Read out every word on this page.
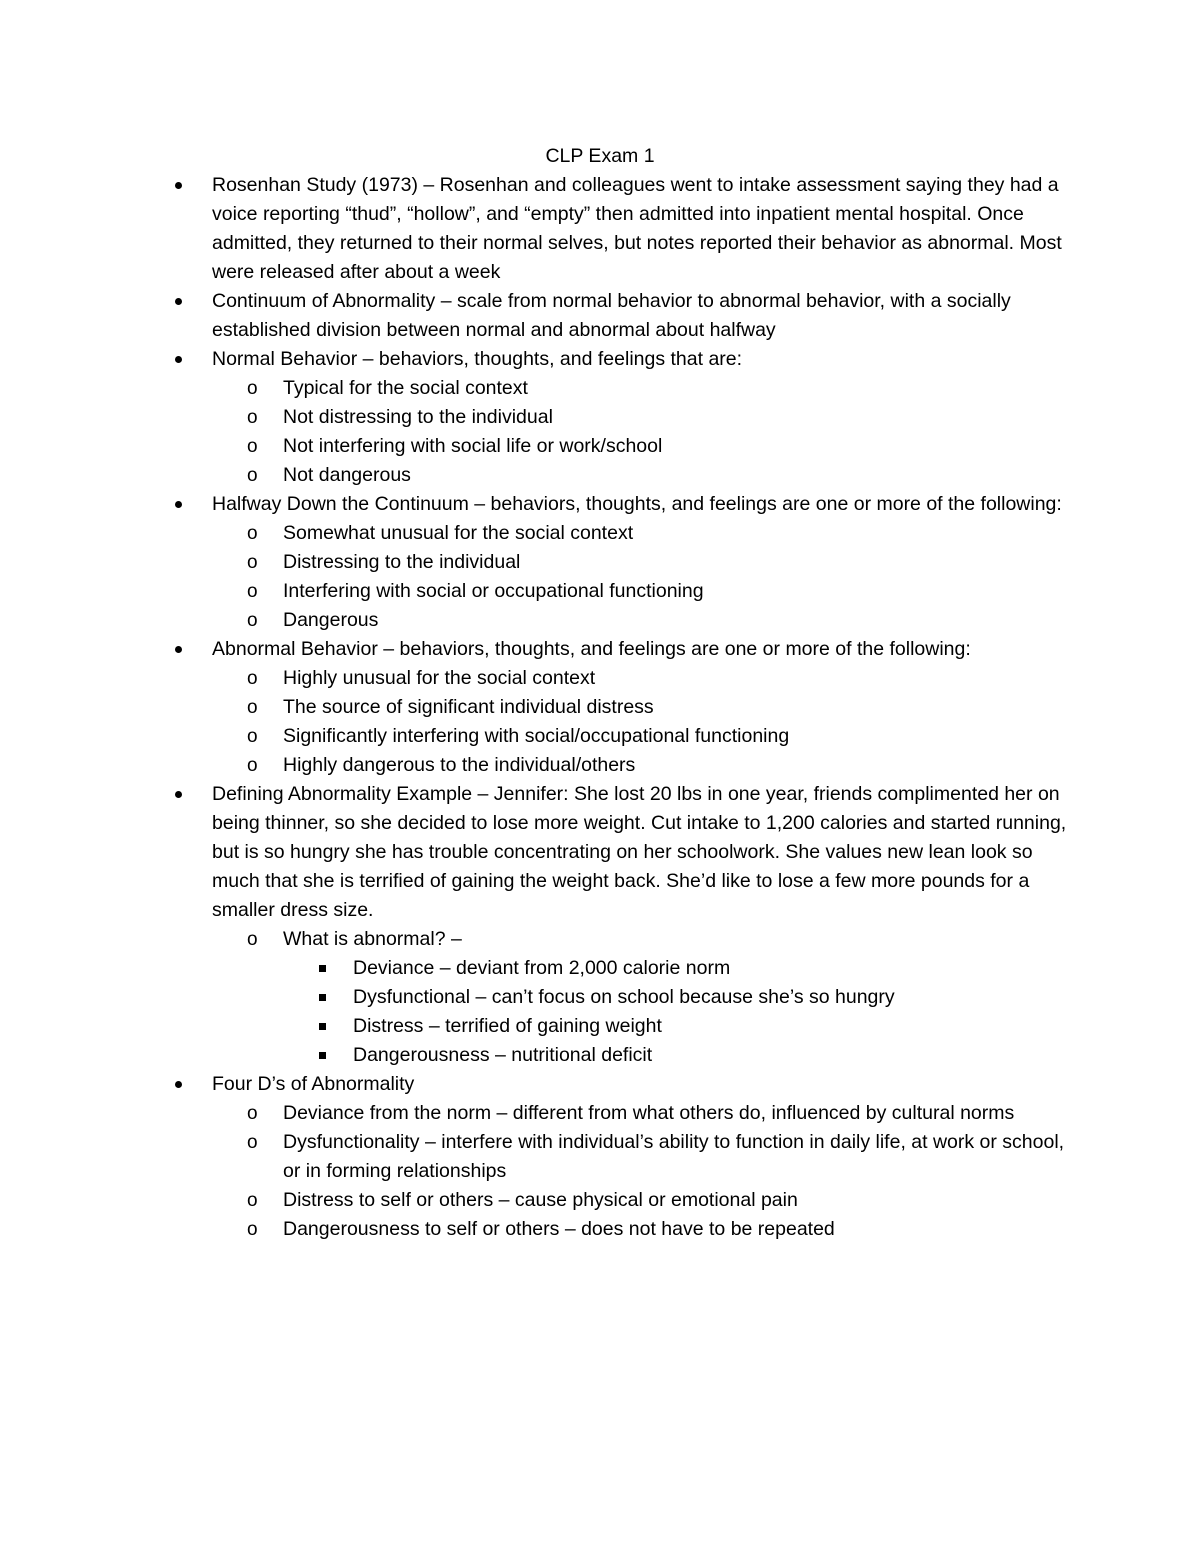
CLP Exam 1
Rosenhan Study (1973) – Rosenhan and colleagues went to intake assessment saying they had a voice reporting “thud”, “hollow”, and “empty” then admitted into inpatient mental hospital. Once admitted, they returned to their normal selves, but notes reported their behavior as abnormal. Most were released after about a week
Continuum of Abnormality – scale from normal behavior to abnormal behavior, with a socially established division between normal and abnormal about halfway
Normal Behavior – behaviors, thoughts, and feelings that are:
o Typical for the social context
o Not distressing to the individual
o Not interfering with social life or work/school
o Not dangerous
Halfway Down the Continuum – behaviors, thoughts, and feelings are one or more of the following:
o Somewhat unusual for the social context
o Distressing to the individual
o Interfering with social or occupational functioning
o Dangerous
Abnormal Behavior – behaviors, thoughts, and feelings are one or more of the following:
o Highly unusual for the social context
o The source of significant individual distress
o Significantly interfering with social/occupational functioning
o Highly dangerous to the individual/others
Defining Abnormality Example – Jennifer: She lost 20 lbs in one year, friends complimented her on being thinner, so she decided to lose more weight. Cut intake to 1,200 calories and started running, but is so hungry she has trouble concentrating on her schoolwork. She values new lean look so much that she is terrified of gaining the weight back. She’d like to lose a few more pounds for a smaller dress size.
o What is abnormal? –
Deviance – deviant from 2,000 calorie norm
Dysfunctional – can’t focus on school because she’s so hungry
Distress – terrified of gaining weight
Dangerousness – nutritional deficit
Four D’s of Abnormality
o Deviance from the norm – different from what others do, influenced by cultural norms
o Dysfunctionality – interfere with individual’s ability to function in daily life, at work or school, or in forming relationships
o Distress to self or others – cause physical or emotional pain
o Dangerousness to self or others – does not have to be repeated
